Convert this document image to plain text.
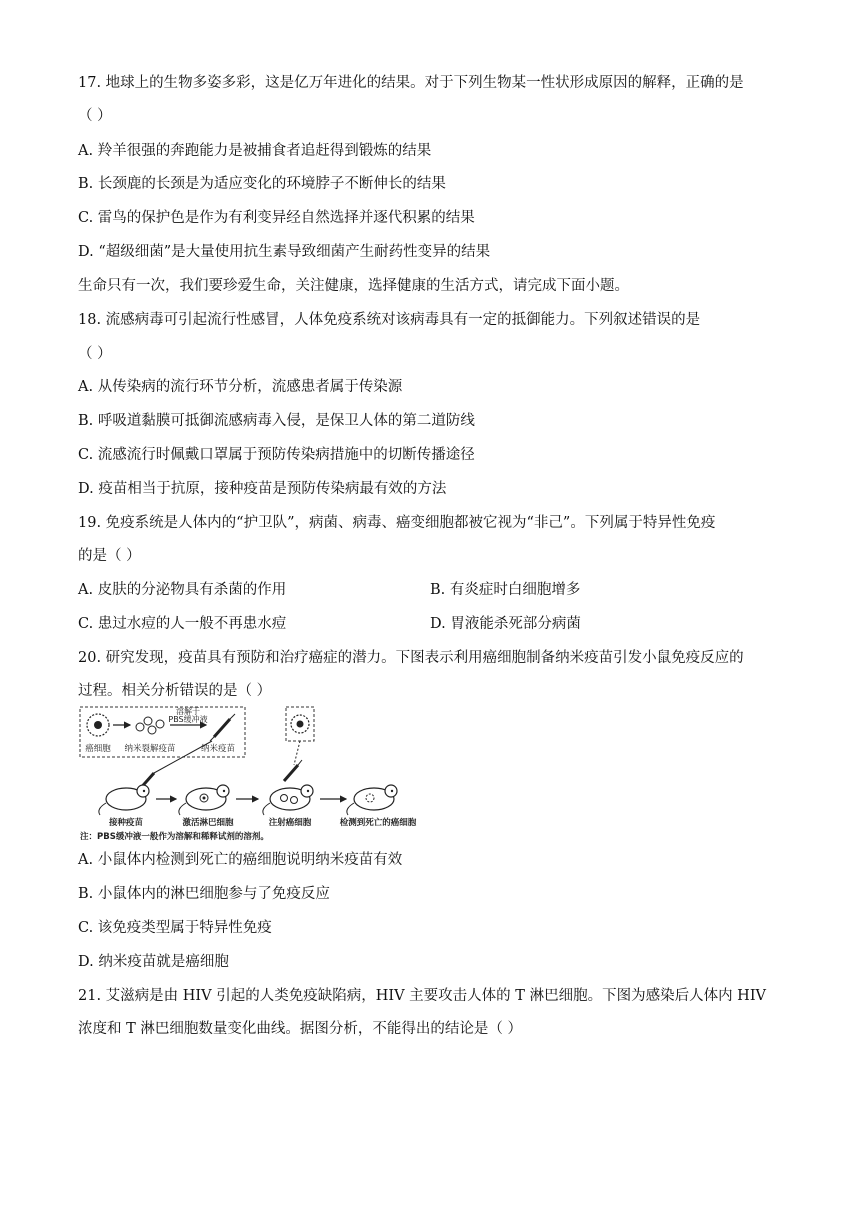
17. 地球上的生物多姿多彩，这是亿万年进化的结果。对于下列生物某一性状形成原因的解释，正确的是
（ ）
A. 羚羊很强的奔跑能力是被捕食者追赶得到锻炼的结果
B. 长颈鹿的长颈是为适应变化的环境脖子不断伸长的结果
C. 雷鸟的保护色是作为有利变异经自然选择并逐代积累的结果
D. “超级细菌”是大量使用抗生素导致细菌产生耐药性变异的结果
生命只有一次，我们要珍爱生命，关注健康，选择健康的生活方式，请完成下面小题。
18. 流感病毒可引起流行性感冒，人体免疫系统对该病毒具有一定的抵御能力。下列叙述错误的是
（ ）
A. 从传染病的流行环节分析，流感患者属于传染源
B. 呼吸道黏膜可抵御流感病毒入侵，是保卫人体的第二道防线
C. 流感流行时佩戴口罩属于预防传染病措施中的切断传播途径
D. 疫苗相当于抗原，接种疫苗是预防传染病最有效的方法
19. 免疫系统是人体内的“护卫队”，病菌、病毒、癌变细胞都被它视为“非己”。下列属于特异性免疫
的是（ ）
A. 皮肤的分泌物具有杀菌的作用	B. 有炎症时白细胞增多
C. 患过水痘的人一般不再患水痘	D. 胃液能杀死部分病菌
20. 研究发现，疫苗具有预防和治疗癌症的潜力。下图表示利用癌细胞制备纳米疫苗引发小鼠免疫反应的
过程。相关分析错误的是（ ）
癌细胞 纳米裂解疫苗
溶解于
PBS缓冲液
纳米疫苗
接种疫苗	激活淋巴细胞	注射癌细胞	检测到死亡的癌细胞
注：PBS缓冲液一般作为溶解和稀释试剂的溶剂。
A. 小鼠体内检测到死亡的癌细胞说明纳米疫苗有效
B. 小鼠体内的淋巴细胞参与了免疫反应
C. 该免疫类型属于特异性免疫
D. 纳米疫苗就是癌细胞
21. 艾滋病是由 HIV 引起的人类免疫缺陷病，HIV 主要攻击人体的 T 淋巴细胞。下图为感染后人体内 HIV
浓度和 T 淋巴细胞数量变化曲线。据图分析，不能得出的结论是（ ）
